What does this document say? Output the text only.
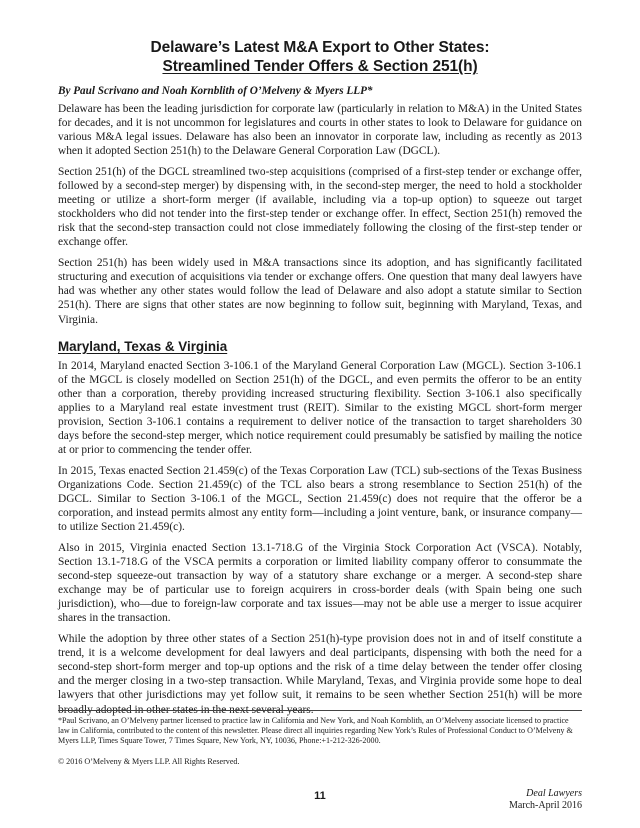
Delaware’s Latest M&A Export to Other States:
Streamlined Tender Offers & Section 251(h)
By Paul Scrivano and Noah Kornblith of O’Melveny & Myers LLP*

Delaware has been the leading jurisdiction for corporate law (particularly in relation to M&A) in the United States for decades, and it is not uncommon for legislatures and courts in other states to look to Delaware for guidance on various M&A legal issues. Delaware has also been an innovator in corporate law, including as recently as 2013 when it adopted Section 251(h) to the Delaware General Corporation Law (DGCL).

Section 251(h) of the DGCL streamlined two-step acquisitions (comprised of a first-step tender or exchange offer, followed by a second-step merger) by dispensing with, in the second-step merger, the need to hold a stockholder meeting or utilize a short-form merger (if available, including via a top-up option) to squeeze out target stockholders who did not tender into the first-step tender or exchange offer. In effect, Section 251(h) removed the risk that the second-step transaction could not close immediately following the closing of the first-step tender or exchange offer.

Section 251(h) has been widely used in M&A transactions since its adoption, and has significantly facilitated structuring and execution of acquisitions via tender or exchange offers. One question that many deal lawyers have had was whether any other states would follow the lead of Delaware and also adopt a statute similar to Section 251(h). There are signs that other states are now beginning to follow suit, beginning with Maryland, Texas, and Virginia.

Maryland, Texas & Virginia

In 2014, Maryland enacted Section 3-106.1 of the Maryland General Corporation Law (MGCL). Section 3-106.1 of the MGCL is closely modelled on Section 251(h) of the DGCL, and even permits the offeror to be an entity other than a corporation, thereby providing increased structuring flexibility. Section 3-106.1 also specifically applies to a Maryland real estate investment trust (REIT). Similar to the existing MGCL short-form merger provision, Section 3-106.1 contains a requirement to deliver notice of the transaction to target shareholders 30 days before the second-step merger, which notice requirement could presumably be satisfied by mailing the notice at or prior to commencing the tender offer.

In 2015, Texas enacted Section 21.459(c) of the Texas Corporation Law (TCL) sub-sections of the Texas Business Organizations Code. Section 21.459(c) of the TCL also bears a strong resemblance to Section 251(h) of the DGCL. Similar to Section 3-106.1 of the MGCL, Section 21.459(c) does not require that the offeror be a corporation, and instead permits almost any entity form—including a joint venture, bank, or insurance company—to utilize Section 21.459(c).

Also in 2015, Virginia enacted Section 13.1-718.G of the Virginia Stock Corporation Act (VSCA). Notably, Section 13.1-718.G of the VSCA permits a corporation or limited liability company offeror to consummate the second-step squeeze-out transaction by way of a statutory share exchange or a merger. A second-step share exchange may be of particular use to foreign acquirers in cross-border deals (with Spain being one such jurisdiction), who—due to foreign-law corporate and tax issues—may not be able use a merger to issue acquirer shares in the transaction.

While the adoption by three other states of a Section 251(h)-type provision does not in and of itself constitute a trend, it is a welcome development for deal lawyers and deal participants, dispensing with both the need for a second-step short-form merger and top-up options and the risk of a time delay between the tender offer closing and the merger closing in a two-step transaction. While Maryland, Texas, and Virginia provide some hope to deal lawyers that other jurisdictions may yet follow suit, it remains to be seen whether Section 251(h) will be more broadly adopted in other states in the next several years.

*Paul Scrivano, an O’Melveny partner licensed to practice law in California and New York, and Noah Kornblith, an O’Melveny associate licensed to practice law in California, contributed to the content of this newsletter. Please direct all inquiries regarding New York’s Rules of Professional Conduct to O’Melveny & Myers LLP, Times Square Tower, 7 Times Square, New York, NY, 10036, Phone:+1-212-326-2000.
© 2016 O’Melveny & Myers LLP. All Rights Reserved.
11	Deal Lawyers
March-April 2016
